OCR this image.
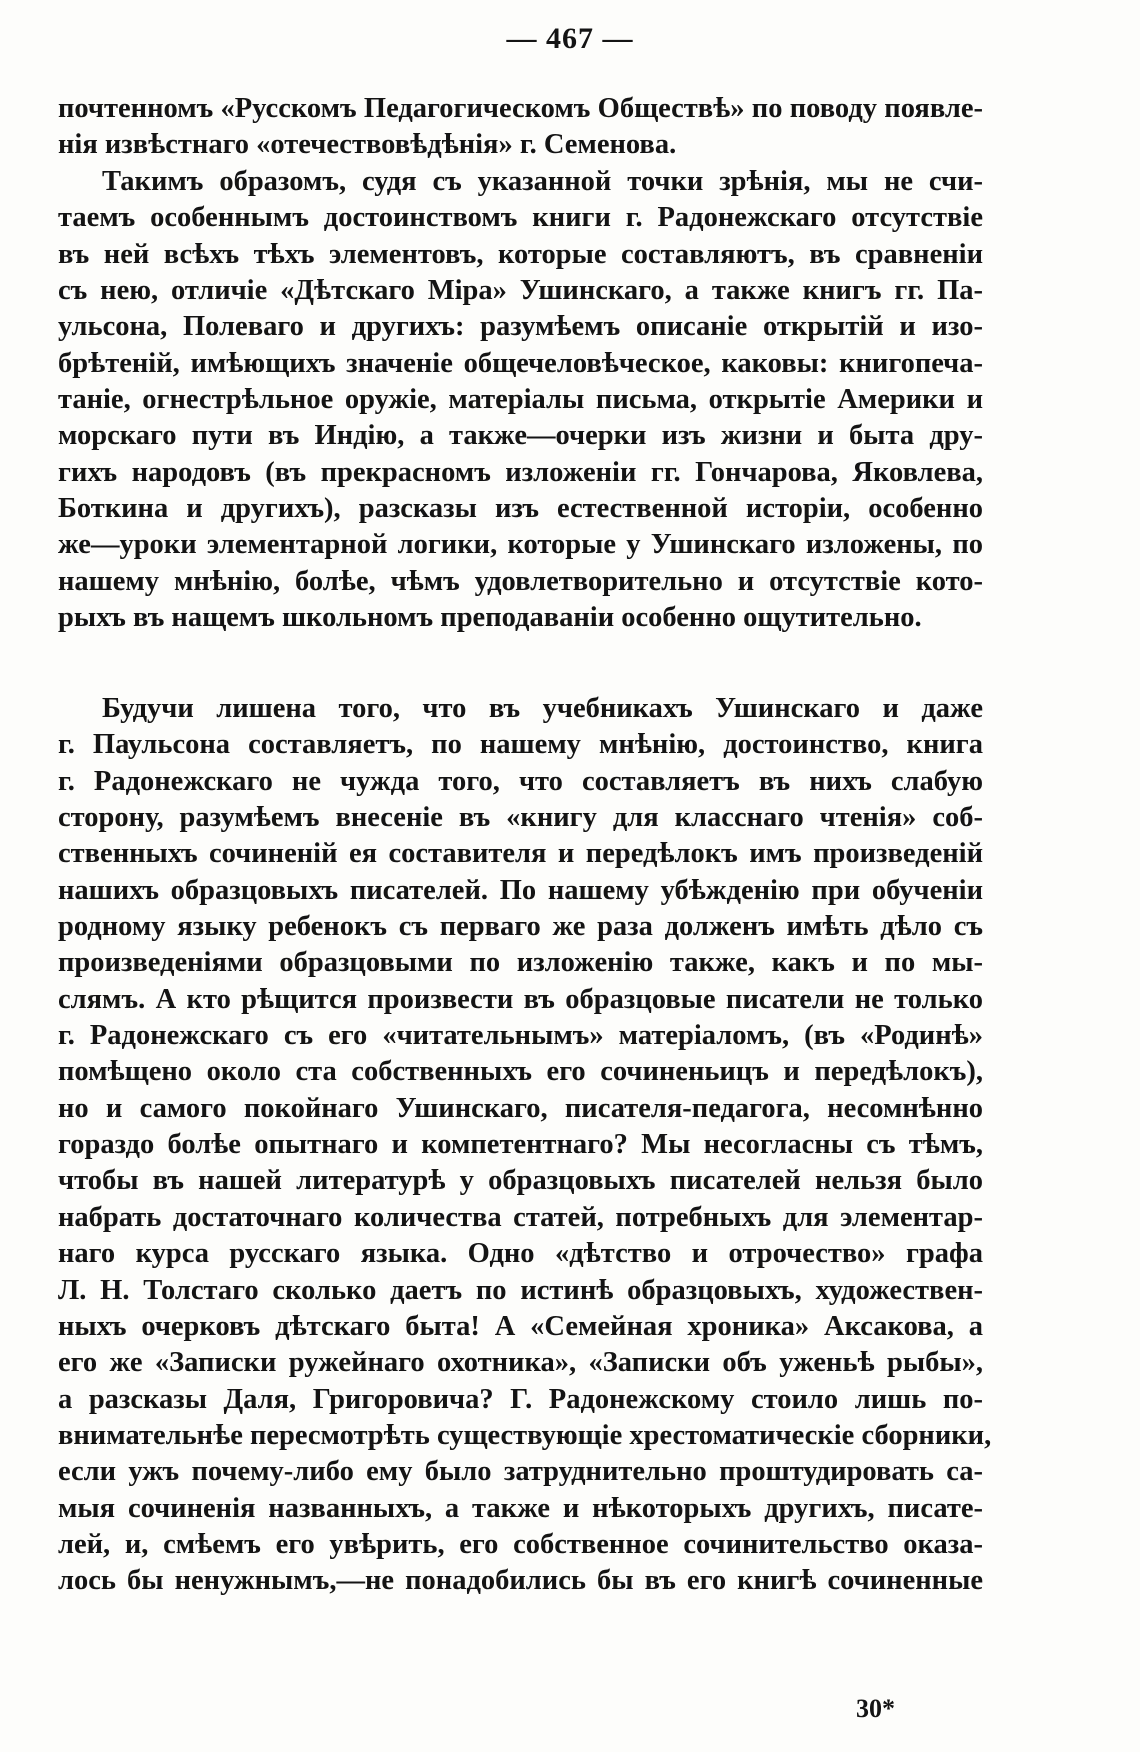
— 467 —
почтенномъ «Русскомъ Педагогическомъ Обществѣ» по поводу появле-
нія извѣстнаго «отечествовѣдѣнія» г. Семенова.
Такимъ образомъ, судя съ указанной точки зрѣнія, мы не счи-
таемъ особеннымъ достоинствомъ книги г. Радонежскаго отсутствіе
въ ней всѣхъ тѣхъ элементовъ, которые составляютъ, въ сравненіи
съ нею, отличіе «Дѣтскаго Міра» Ушинскаго, а также книгъ гг. Па-
ульсона, Полеваго и другихъ: разумѣемъ описаніе открытій и изо-
брѣтеній, имѣющихъ значеніе общечеловѣческое, каковы: книгопеча-
таніе, огнестрѣльное оружіе, матеріалы письма, открытіе Америки и
морскаго пути въ Индію, а также—очерки изъ жизни и быта дру-
гихъ народовъ (въ прекрасномъ изложеніи гг. Гончарова, Яковлева,
Боткина и другихъ), разсказы изъ естественной исторіи, особенно
же—уроки элементарной логики, которые у Ушинскаго изложены, по
нашему мнѣнію, болѣе, чѣмъ удовлетворительно и отсутствіе кото-
рыхъ въ нащемъ школьномъ преподаваніи особенно ощутительно.
Будучи лишена того, что въ учебникахъ Ушинскаго и даже
г. Паульсона составляетъ, по нашему мнѣнію, достоинство, книга
г. Радонежскаго не чужда того, что составляетъ въ нихъ слабую
сторону, разумѣемъ внесеніе въ «книгу для класснаго чтенія» соб-
ственныхъ сочиненій ея составителя и передѣлокъ имъ произведеній
нашихъ образцовыхъ писателей. По нашему убѣжденію при обученіи
родному языку ребенокъ съ перваго же раза долженъ имѣть дѣло съ
произведеніями образцовыми по изложенію также, какъ и по мы-
слямъ. А кто рѣщится произвести въ образцовые писатели не только
г. Радонежскаго съ его «читательнымъ» матеріаломъ, (въ «Родинѣ»
помѣщено около ста собственныхъ его сочиненьицъ и передѣлокъ),
но и самого покойнаго Ушинскаго, писателя-педагога, несомнѣнно
гораздо болѣе опытнаго и компетентнаго? Мы несогласны съ тѣмъ,
чтобы въ нашей литературѣ у образцовыхъ писателей нельзя было
набрать достаточнаго количества статей, потребныхъ для элементар-
наго курса русскаго языка. Одно «дѣтство и отрочество» графа
Л. Н. Толстаго сколько даетъ по истинѣ образцовыхъ, художествен-
ныхъ очерковъ дѣтскаго быта! А «Семейная хроника» Аксакова, а
его же «Записки ружейнаго охотника», «Записки объ уженьѣ рыбы»,
а разсказы Даля, Григоровича? Г. Радонежскому стоило лишь по-
внимательнѣе пересмотрѣть существующіе хрестоматическіе сборники,
если ужъ почему-либо ему было затруднительно проштудировать са-
мыя сочиненія названныхъ, а также и нѣкоторыхъ другихъ, писате-
лей, и, смѣемъ его увѣрить, его собственное сочинительство оказа-
лось бы ненужнымъ,—не понадобились бы въ его книгѣ сочиненные
30*
